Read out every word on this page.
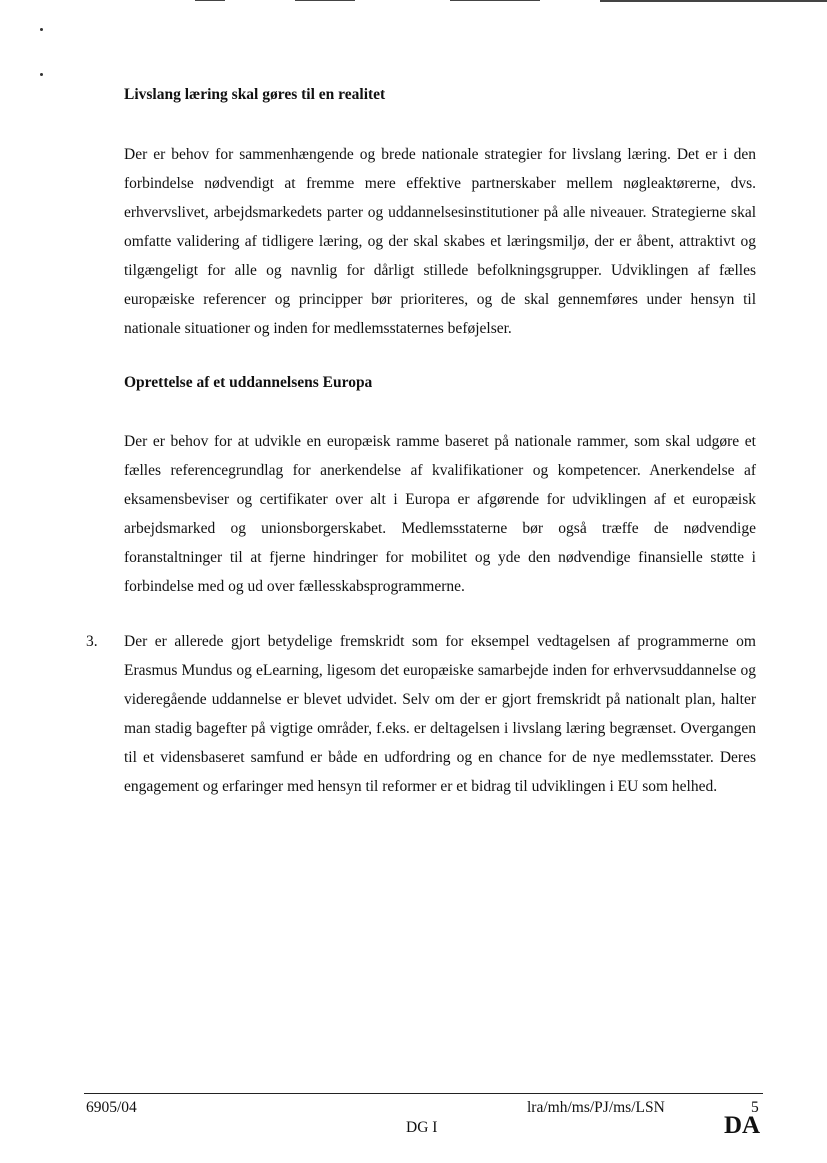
Livslang læring skal gøres til en realitet

Der er behov for sammenhængende og brede nationale strategier for livslang læring. Det er i den forbindelse nødvendigt at fremme mere effektive partnerskaber mellem nøgleaktørerne, dvs. erhvervslivet, arbejdsmarkedets parter og uddannelsesinstitutioner på alle niveauer. Strategierne skal omfatte validering af tidligere læring, og der skal skabes et læringsmiljø, der er åbent, attraktivt og tilgængeligt for alle og navnlig for dårligt stillede befolkningsgrupper. Udviklingen af fælles europæiske referencer og principper bør prioriteres, og de skal gennemføres under hensyn til nationale situationer og inden for medlemsstaternes beføjelser.

Oprettelse af et uddannelsens Europa

Der er behov for at udvikle en europæisk ramme baseret på nationale rammer, som skal udgøre et fælles referencegrundlag for anerkendelse af kvalifikationer og kompetencer. Anerkendelse af eksamensbeviser og certifikater over alt i Europa er afgørende for udviklingen af et europæisk arbejdsmarked og unionsborgerskabet. Medlemsstaterne bør også træffe de nødvendige foranstaltninger til at fjerne hindringer for mobilitet og yde den nødvendige finansielle støtte i forbindelse med og ud over fællesskabsprogrammerne.

3. Der er allerede gjort betydelige fremskridt som for eksempel vedtagelsen af programmerne om Erasmus Mundus og eLearning, ligesom det europæiske samarbejde inden for erhvervsuddannelse og videregående uddannelse er blevet udvidet. Selv om der er gjort fremskridt på nationalt plan, halter man stadig bagefter på vigtige områder, f.eks. er deltagelsen i livslang læring begrænset. Overgangen til et vidensbaseret samfund er både en udfordring og en chance for de nye medlemsstater. Deres engagement og erfaringer med hensyn til reformer er et bidrag til udviklingen i EU som helhed.

6905/04	lra/mh/ms/PJ/ms/LSN	5
DG I	DA
